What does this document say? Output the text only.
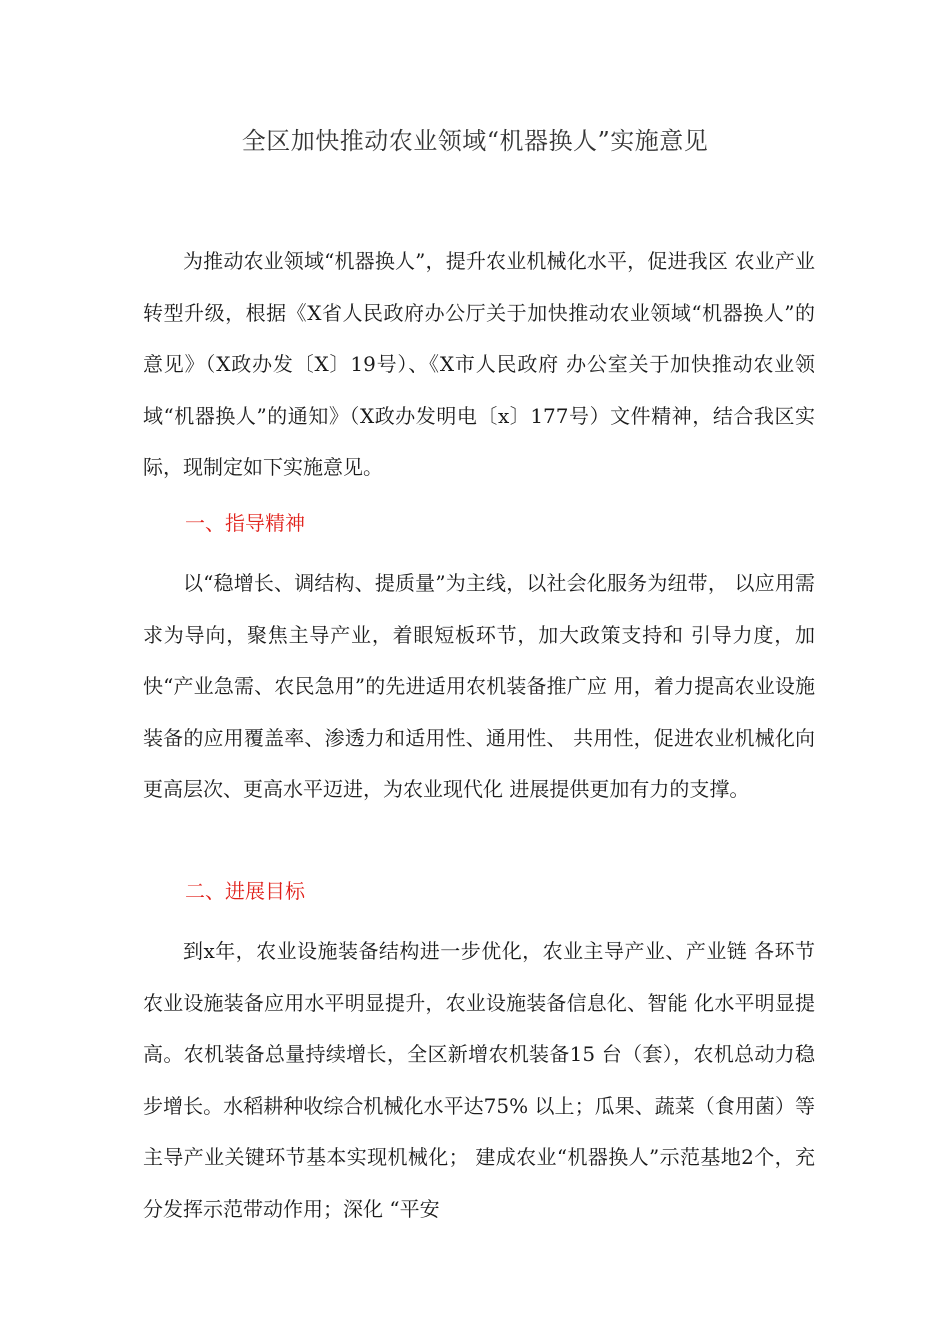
全区加快推动农业领域“机器换人”实施意见

为推动农业领域“机器换人”，提升农业机械化水平，促进我区 农业产业转型升级，根据《X省人民政府办公厅关于加快推动农业领域“机器换人”的意见》（X政办发〔X〕19号）、《X市人民政府 办公室关于加快推动农业领域“机器换人”的通知》（X政办发明电〔x〕177号）文件精神，结合我区实际，现制定如下实施意见。

一、指导精神

以“稳增长、调结构、提质量”为主线，以社会化服务为纽带， 以应用需求为导向，聚焦主导产业，着眼短板环节，加大政策支持和 引导力度，加快“产业急需、农民急用”的先进适用农机装备推广应 用，着力提高农业设施装备的应用覆盖率、渗透力和适用性、通用性、 共用性，促进农业机械化向更高层次、更高水平迈进，为农业现代化 进展提供更加有力的支撑。

二、进展目标

到x年，农业设施装备结构进一步优化，农业主导产业、产业链 各环节农业设施装备应用水平明显提升，农业设施装备信息化、智能 化水平明显提高。农机装备总量持续增长，全区新增农机装备15 台（套），农机总动力稳步增长。水稻耕种收综合机械化水平达75% 以上；瓜果、蔬菜（食用菌）等主导产业关键环节基本实现机械化； 建成农业“机器换人”示范基地2个，充分发挥示范带动作用；深化 “平安
